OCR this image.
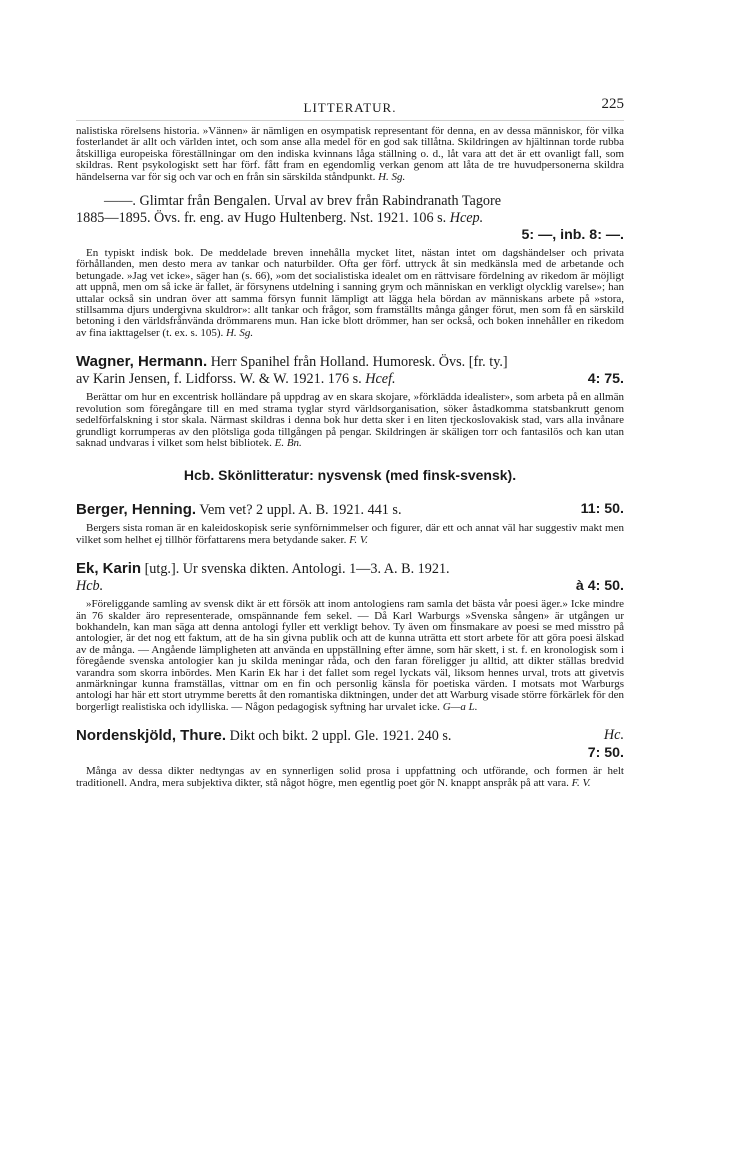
LITTERATUR.	225

nalistiska rörelsens historia. »Vännen» är nämligen en osympatisk representant för denna, en av dessa människor, för vilka fosterlandet är allt och världen intet, och som anse alla medel för en god sak tillåtna. Skildringen av hjältinnan torde rubba åtskilliga europeiska föreställningar om den indiska kvinnans låga ställning o. d., låt vara att det är ett ovanligt fall, som skildras. Rent psykologiskt sett har förf. fått fram en egendomlig verkan genom att låta de tre huvudpersonerna skildra händelserna var för sig och var och en från sin särskilda ståndpunkt. H. Sg.

——. Glimtar från Bengalen. Urval av brev från Rabindranath Tagore

1885—1895. Övs. fr. eng. av Hugo Hultenberg. Nst. 1921. 106 s. Hcep.

5: —, inb. 8: —.

En typiskt indisk bok. De meddelade breven innehålla mycket litet, nästan intet om dagshändelser och privata förhållanden, men desto mera av tankar och naturbilder. Ofta ger förf. uttryck åt sin medkänsla med de arbetande och betungade. »Jag vet icke», säger han (s. 66), »om det socialistiska idealet om en rättvisare fördelning av rikedom är möjligt att uppnå, men om så icke är fallet, är försynens utdelning i sanning grym och människan en verkligt olycklig varelse»; han uttalar också sin undran över att samma försyn funnit lämpligt att lägga hela bördan av människans arbete på »stora, stillsamma djurs undergivna skuldror»: allt tankar och frågor, som framställts många gånger förut, men som få en särskild betoning i den världsfrånvända drömmarens mun. Han icke blott drömmer, han ser också, och boken innehåller en rikedom av fina iakttagelser (t. ex. s. 105). H. Sg.

Wagner, Hermann. Herr Spanihel från Holland. Humoresk. Övs. [fr. ty.]

av Karin Jensen, f. Lidforss. W. & W. 1921. 176 s. Hcef.	4: 75.

Berättar om hur en excentrisk holländare på uppdrag av en skara skojare, »förklädda idealister», som arbeta på en allmän revolution som föregångare till en med strama tyglar styrd världsorganisation, söker åstadkomma statsbankrutt genom sedelförfalskning i stor skala. Närmast skildras i denna bok hur detta sker i en liten tjeckoslovakisk stad, vars alla invånare grundligt korrumperas av den plötsliga goda tillgången på pengar. Skildringen är skäligen torr och fantasilös och kan utan saknad undvaras i vilket som helst bibliotek. E. Bn.

Hcb. Skönlitteratur: nysvensk (med finsk-svensk).

Berger, Henning. Vem vet? 2 uppl. A. B. 1921. 441 s.	11: 50.

Bergers sista roman är en kaleidoskopisk serie synförnimmelser och figurer, där ett och annat väl har suggestiv makt men vilket som helhet ej tillhör författarens mera betydande saker. F. V.

Ek, Karin [utg.]. Ur svenska dikten. Antologi. 1—3. A. B. 1921.

Hcb.	à 4: 50.

»Föreliggande samling av svensk dikt är ett försök att inom antologiens ram samla det bästa vår poesi äger.» Icke mindre än 76 skalder äro representerade, omspännande fem sekel. — Då Karl Warburgs »Svenska sången» är utgången ur bokhandeln, kan man säga att denna antologi fyller ett verkligt behov. Ty även om finsmakare av poesi se med misstro på antologier, är det nog ett faktum, att de ha sin givna publik och att de kunna uträtta ett stort arbete för att göra poesi älskad av de många. — Angående lämpligheten att använda en uppställning efter ämne, som här skett, i st. f. en kronologisk som i föregående svenska antologier kan ju skilda meningar råda, och den faran föreligger ju alltid, att dikter ställas bredvid varandra som skorra inbördes. Men Karin Ek har i det fallet som regel lyckats väl, liksom hennes urval, trots att givetvis anmärkningar kunna framställas, vittnar om en fin och personlig känsla för poetiska värden. I motsats mot Warburgs antologi har här ett stort utrymme beretts åt den romantiska diktningen, under det att Warburg visade större förkärlek för den borgerligt realistiska och idylliska. — Någon pedagogisk syftning har urvalet icke. G—a L.

Nordenskjöld, Thure. Dikt och bikt. 2 uppl. Gle. 1921. 240 s.	Hc.

7: 50.

Många av dessa dikter nedtyngas av en synnerligen solid prosa i uppfattning och utförande, och formen är helt traditionell. Andra, mera subjektiva dikter, stå något högre, men egentlig poet gör N. knappt anspråk på att vara. F. V.
